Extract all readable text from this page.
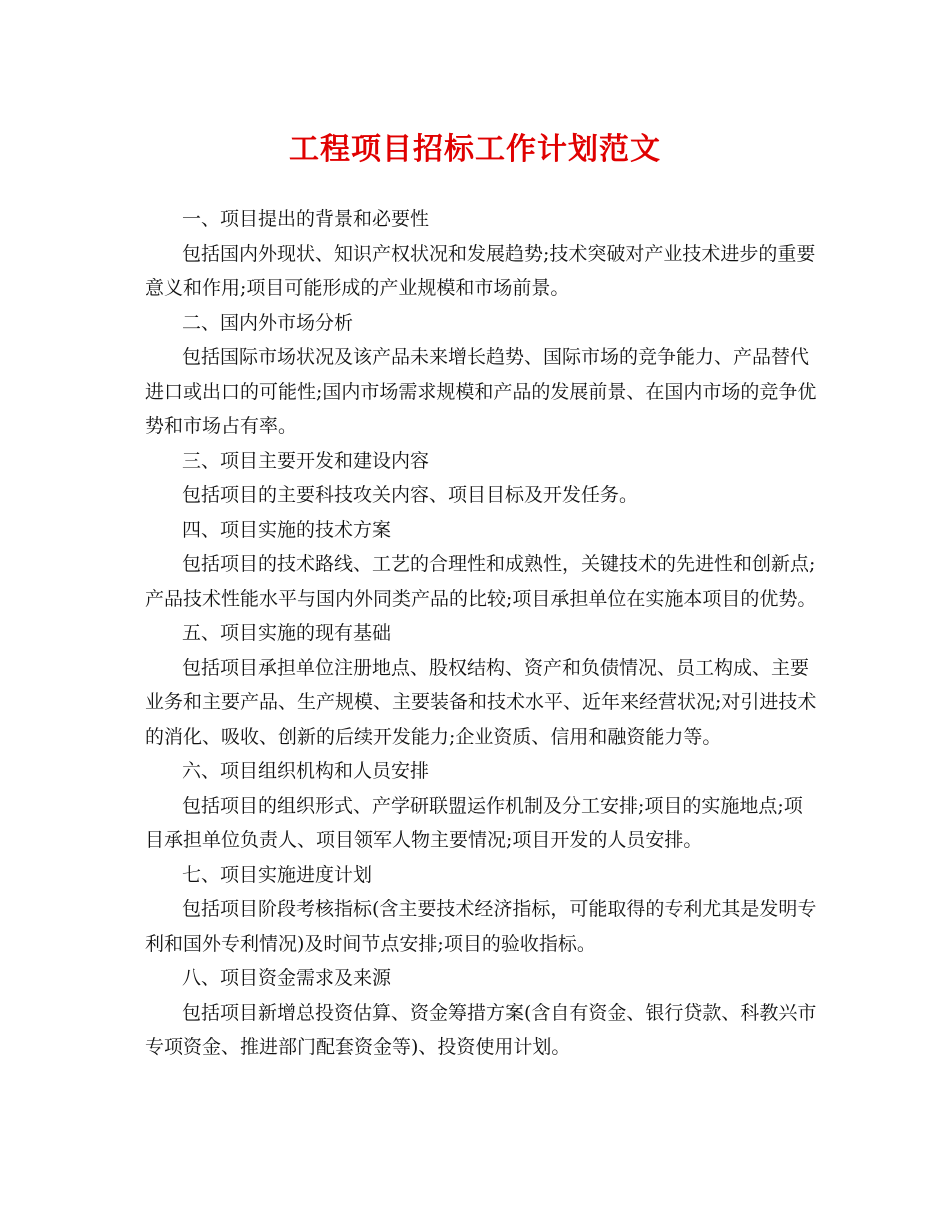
工程项目招标工作计划范文
一、项目提出的背景和必要性
包括国内外现状、知识产权状况和发展趋势;技术突破对产业技术进步的重要
意义和作用;项目可能形成的产业规模和市场前景。
二、国内外市场分析
包括国际市场状况及该产品未来增长趋势、国际市场的竞争能力、产品替代
进口或出口的可能性;国内市场需求规模和产品的发展前景、在国内市场的竞争优
势和市场占有率。
三、项目主要开发和建设内容
包括项目的主要科技攻关内容、项目目标及开发任务。
四、项目实施的技术方案
包括项目的技术路线、工艺的合理性和成熟性，关键技术的先进性和创新点;
产品技术性能水平与国内外同类产品的比较;项目承担单位在实施本项目的优势。
五、项目实施的现有基础
包括项目承担单位注册地点、股权结构、资产和负债情况、员工构成、主要
业务和主要产品、生产规模、主要装备和技术水平、近年来经营状况;对引进技术
的消化、吸收、创新的后续开发能力;企业资质、信用和融资能力等。
六、项目组织机构和人员安排
包括项目的组织形式、产学研联盟运作机制及分工安排;项目的实施地点;项
目承担单位负责人、项目领军人物主要情况;项目开发的人员安排。
七、项目实施进度计划
包括项目阶段考核指标(含主要技术经济指标，可能取得的专利尤其是发明专
利和国外专利情况)及时间节点安排;项目的验收指标。
八、项目资金需求及来源
包括项目新增总投资估算、资金筹措方案(含自有资金、银行贷款、科教兴市
专项资金、推进部门配套资金等)、投资使用计划。
